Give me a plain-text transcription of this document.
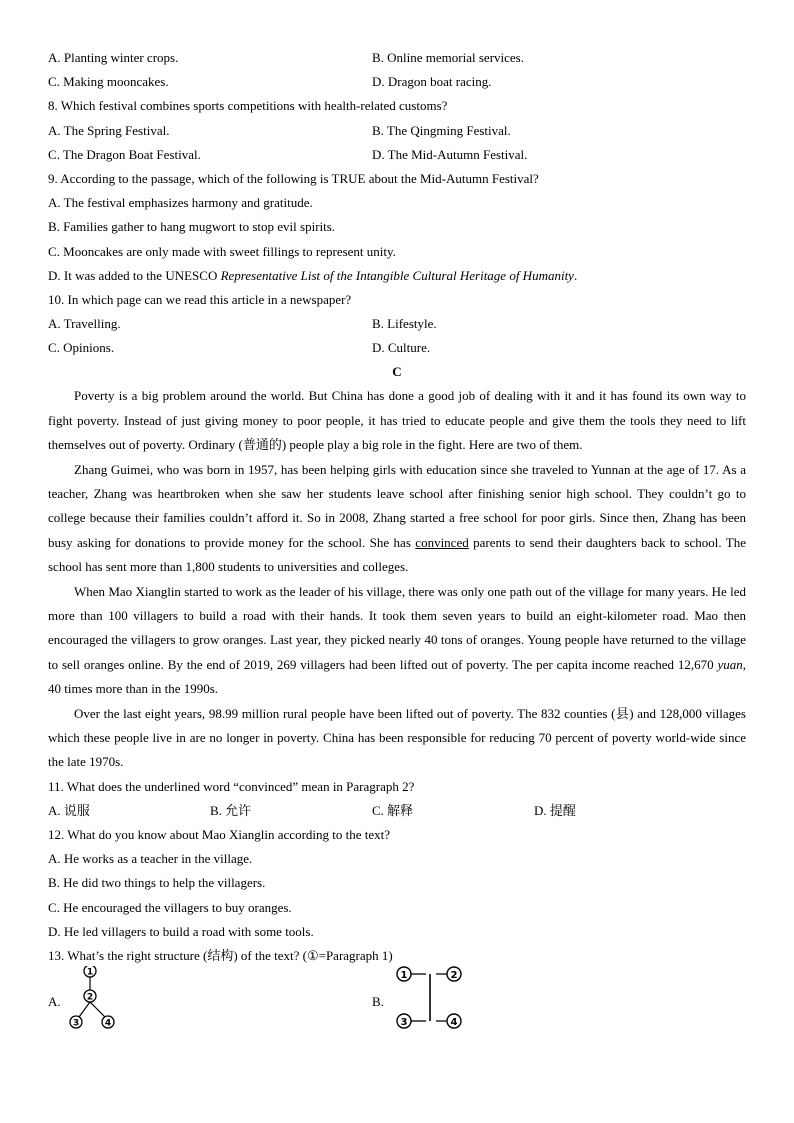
A. Planting winter crops.	B. Online memorial services.
C. Making mooncakes.	D. Dragon boat racing.
8. Which festival combines sports competitions with health-related customs?
A. The Spring Festival.	B. The Qingming Festival.
C. The Dragon Boat Festival.	D. The Mid-Autumn Festival.
9. According to the passage, which of the following is TRUE about the Mid-Autumn Festival?
A. The festival emphasizes harmony and gratitude.
B. Families gather to hang mugwort to stop evil spirits.
C. Mooncakes are only made with sweet fillings to represent unity.
D. It was added to the UNESCO Representative List of the Intangible Cultural Heritage of Humanity.
10. In which page can we read this article in a newspaper?
A. Travelling.	B. Lifestyle.
C. Opinions.	D. Culture.
C

Poverty is a big problem around the world. But China has done a good job of dealing with it and it has found its own way to fight poverty. Instead of just giving money to poor people, it has tried to educate people and give them the tools they need to lift themselves out of poverty. Ordinary (普通的) people play a big role in the fight. Here are two of them.

Zhang Guimei, who was born in 1957, has been helping girls with education since she traveled to Yunnan at the age of 17. As a teacher, Zhang was heartbroken when she saw her students leave school after finishing senior high school. They couldn’t go to college because their families couldn’t afford it. So in 2008, Zhang started a free school for poor girls. Since then, Zhang has been busy asking for donations to provide money for the school. She has convinced parents to send their daughters back to school. The school has sent more than 1,800 students to universities and colleges.

When Mao Xianglin started to work as the leader of his village, there was only one path out of the village for many years. He led more than 100 villagers to build a road with their hands. It took them seven years to build an eight-kilometer road. Mao then encouraged the villagers to grow oranges. Last year, they picked nearly 40 tons of oranges. Young people have returned to the village to sell oranges online. By the end of 2019, 269 villagers had been lifted out of poverty. The per capita income reached 12,670 yuan, 40 times more than in the 1990s.

Over the last eight years, 98.99 million rural people have been lifted out of poverty. The 832 counties (县) and 128,000 villages which these people live in are no longer in poverty. China has been responsible for reducing 70 percent of poverty world-wide since the late 1970s.

11. What does the underlined word “convinced” mean in Paragraph 2?
A. 说服	B. 允许	C. 解释	D. 提醒
12. What do you know about Mao Xianglin according to the text?
A. He works as a teacher in the village.
B. He did two things to help the villagers.
C. He encouraged the villagers to buy oranges.
D. He led villagers to build a road with some tools.
13. What’s the right structure (结构) of the text? (①=Paragraph 1)
A.
1
2
3	4
B.
1	2
3	4
